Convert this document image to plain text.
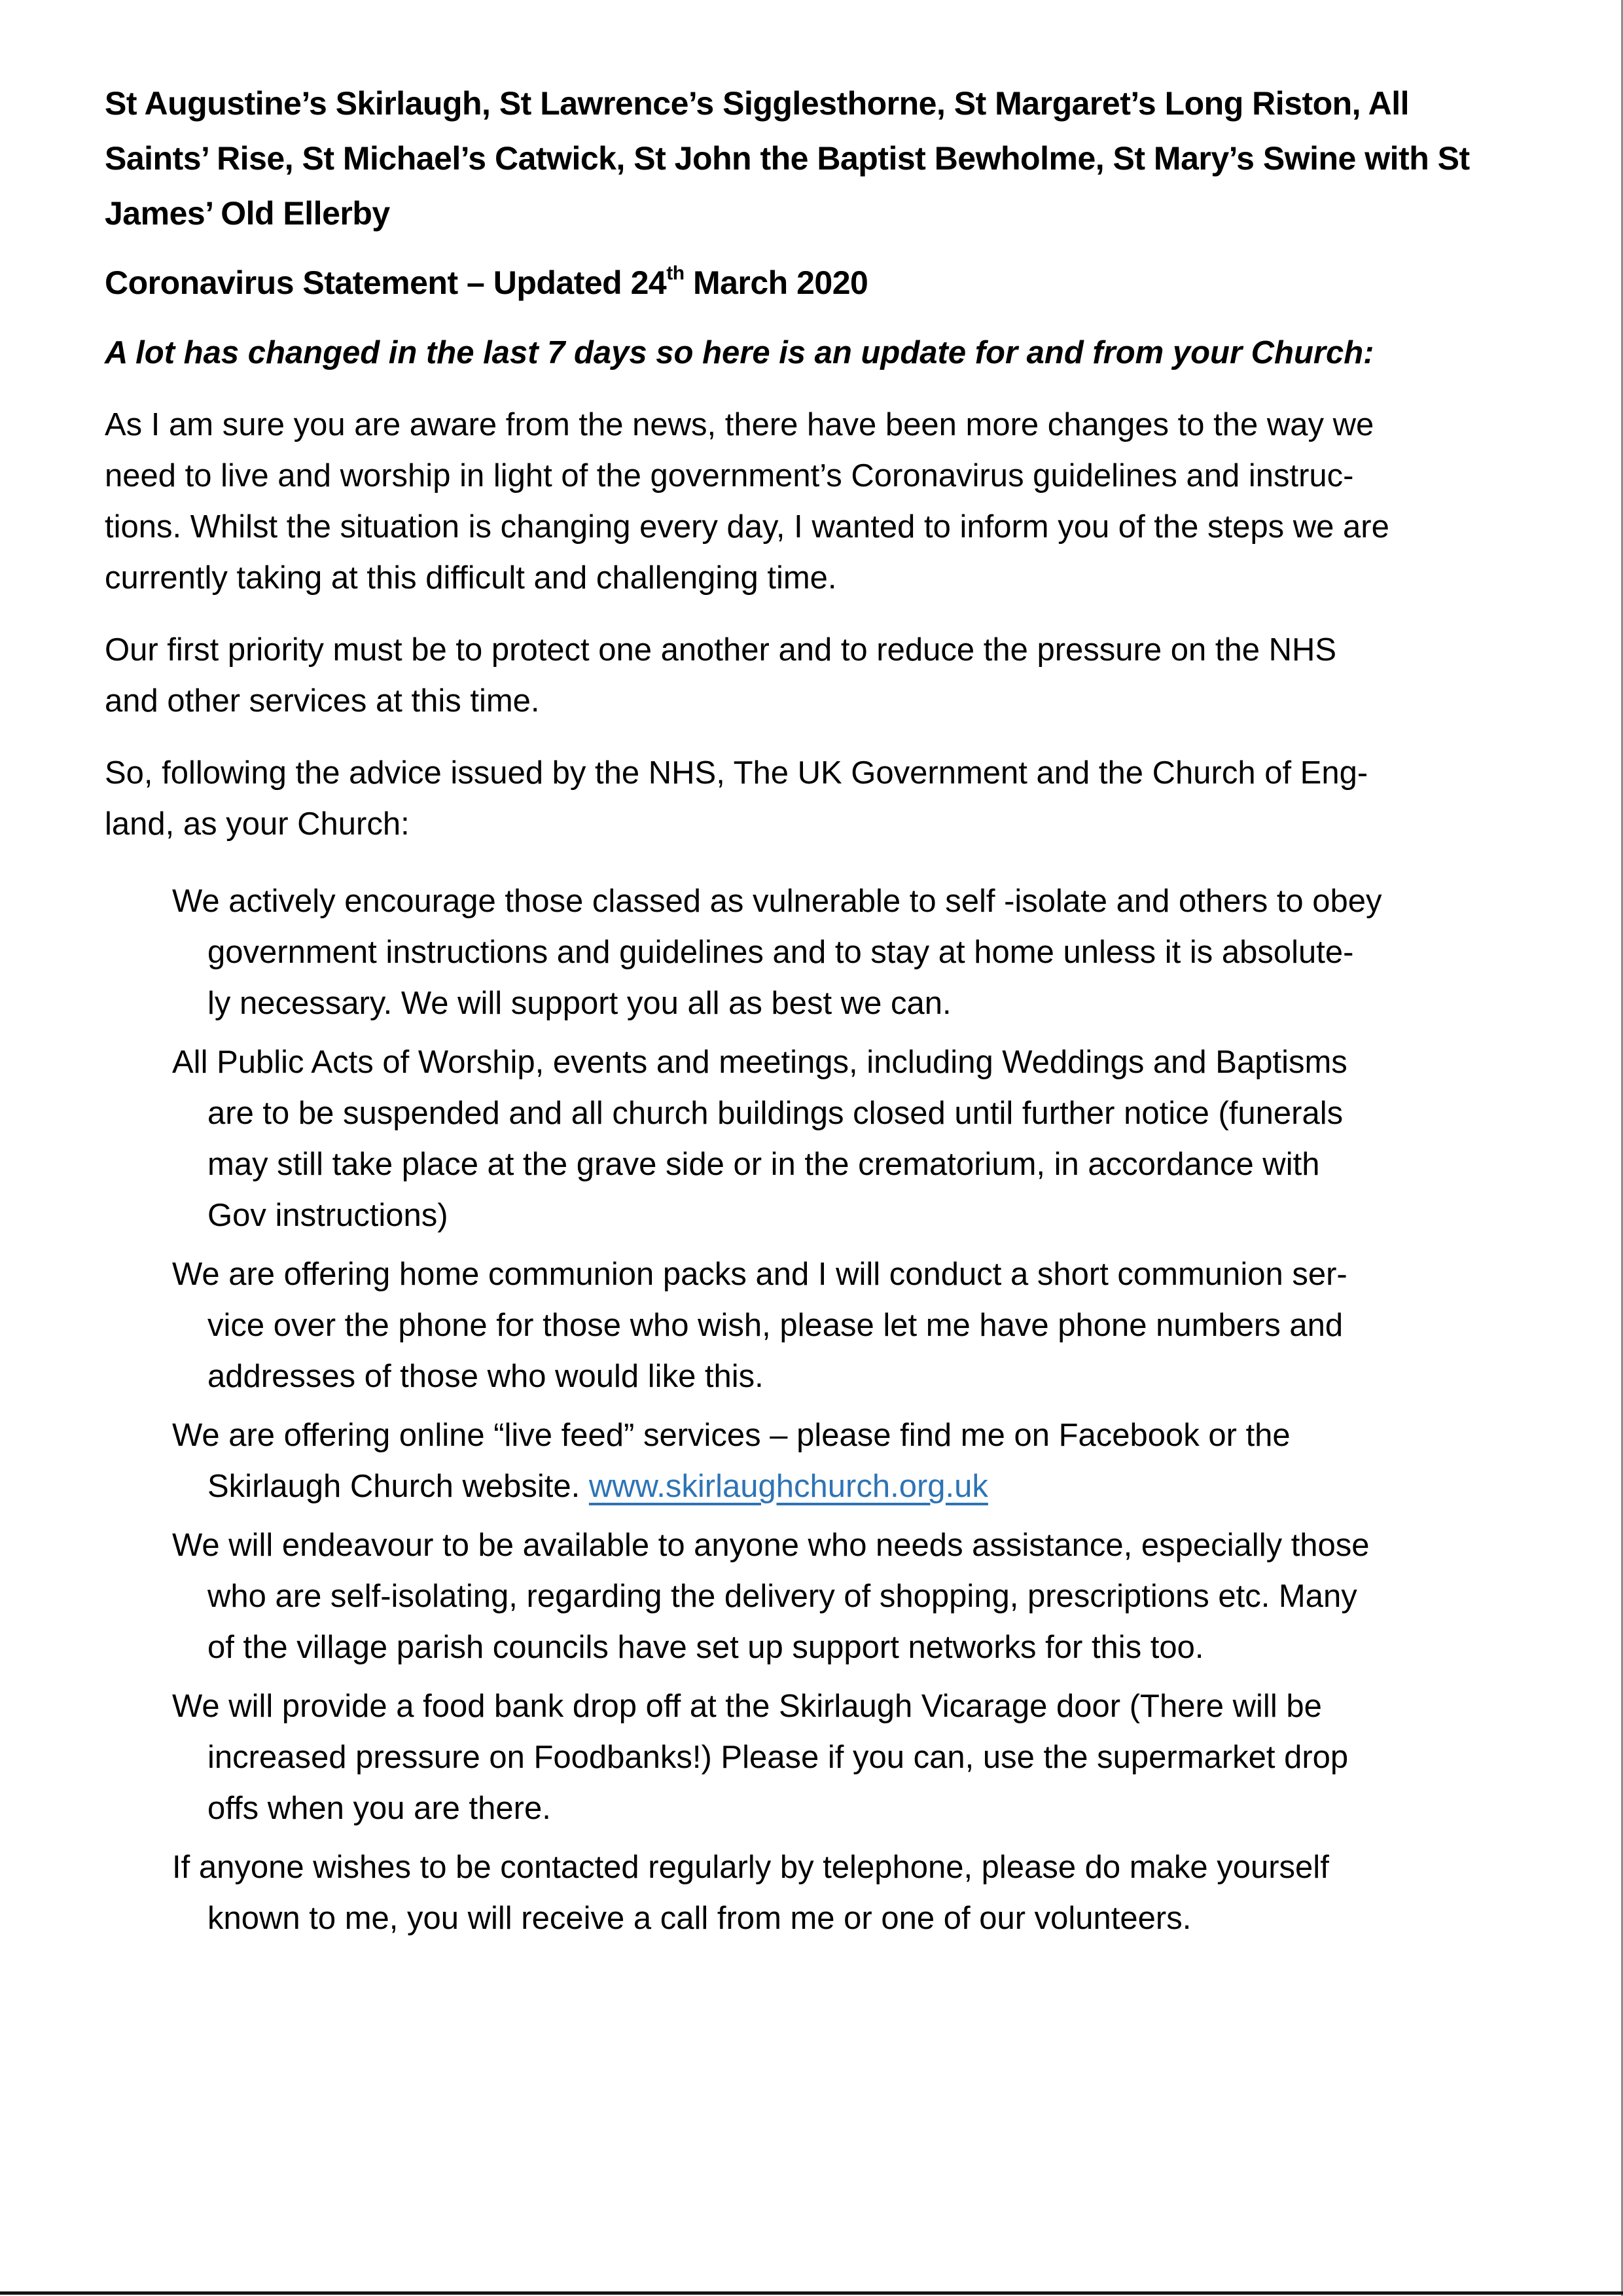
St Augustine’s Skirlaugh, St Lawrence’s Sigglesthorne, St Margaret’s Long Riston, All
Saints’ Rise, St Michael’s Catwick, St John the Baptist Bewholme, St Mary’s Swine with St
James’ Old Ellerby
Coronavirus Statement – Updated 24th March 2020
A lot has changed in the last 7 days so here is an update for and from your Church:
As I am sure you are aware from the news, there have been more changes to the way we
need to live and worship in light of the government’s Coronavirus guidelines and instruc-
tions. Whilst the situation is changing every day, I wanted to inform you of the steps we are
currently taking at this difficult and challenging time.
Our first priority must be to protect one another and to reduce the pressure on the NHS
and other services at this time.
So, following the advice issued by the NHS, The UK Government and the Church of Eng-
land, as your Church:
We actively encourage those classed as vulnerable to self -isolate and others to obey
government instructions and guidelines and to stay at home unless it is absolute-
ly necessary. We will support you all as best we can.
All Public Acts of Worship, events and meetings, including Weddings and Baptisms
are to be suspended and all church buildings closed until further notice (funerals
may still take place at the grave side or in the crematorium, in accordance with
Gov instructions)
We are offering home communion packs and I will conduct a short communion ser-
vice over the phone for those who wish, please let me have phone numbers and
addresses of those who would like this.
We are offering online “live feed” services – please find me on Facebook or the
Skirlaugh Church website. www.skirlaughchurch.org.uk
We will endeavour to be available to anyone who needs assistance, especially those
who are self-isolating, regarding the delivery of shopping, prescriptions etc. Many
of the village parish councils have set up support networks for this too.
We will provide a food bank drop off at the Skirlaugh Vicarage door (There will be
increased pressure on Foodbanks!) Please if you can, use the supermarket drop
offs when you are there.
If anyone wishes to be contacted regularly by telephone, please do make yourself
known to me, you will receive a call from me or one of our volunteers.
